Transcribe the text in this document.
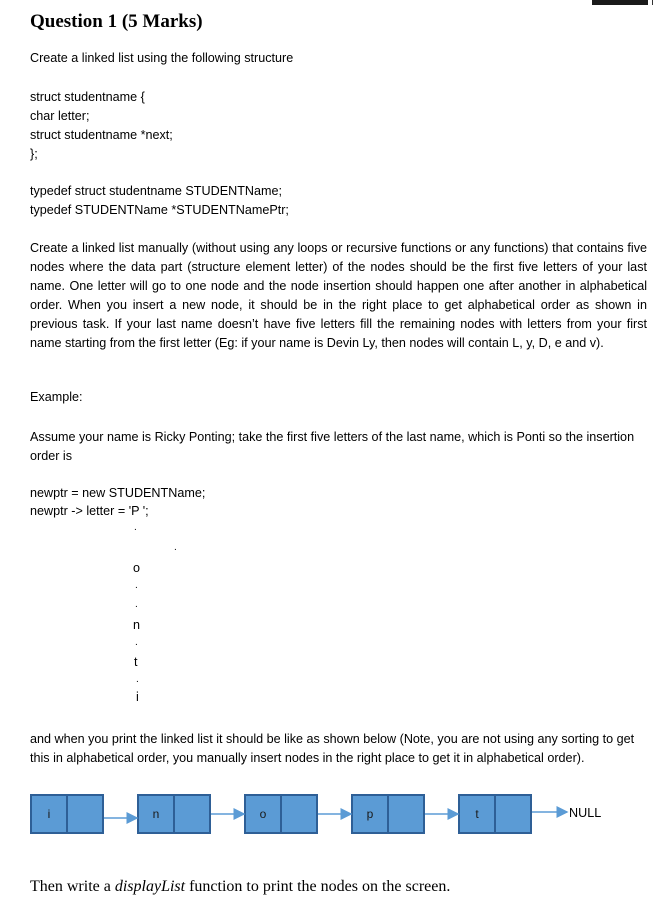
Question 1 (5 Marks)
Create a linked list using the following structure
struct studentname {
char letter;
struct studentname *next;
};
typedef struct studentname STUDENTName;
typedef STUDENTName *STUDENTNamePtr;
Create a linked list manually (without using any loops or recursive functions or any functions) that contains five nodes where the data part (structure element letter) of the nodes should be the first five letters of your last name. One letter will go to one node and the node insertion should happen one after another in alphabetical order. When you insert a new node, it should be in the right place to get alphabetical order as shown in previous task. If your last name doesn’t have five letters fill the remaining nodes with letters from your first name starting from the first letter (Eg: if your name is Devin Ly, then nodes will contain L, y, D, e and v).
Example:
Assume your name is Ricky Ponting; take the first five letters of the last name, which is Ponti so the insertion order is
newptr = new STUDENTName;
newptr -> letter = 'P ';
.
.
o
.
.
n
.
t
.
i
and when you print the linked list it should be like as shown below (Note, you are not using any sorting to get this in alphabetical order, you manually insert nodes in the right place to get it in alphabetical order).
i	n	o	p	t	NULL
Then write a displayList function to print the nodes on the screen.
